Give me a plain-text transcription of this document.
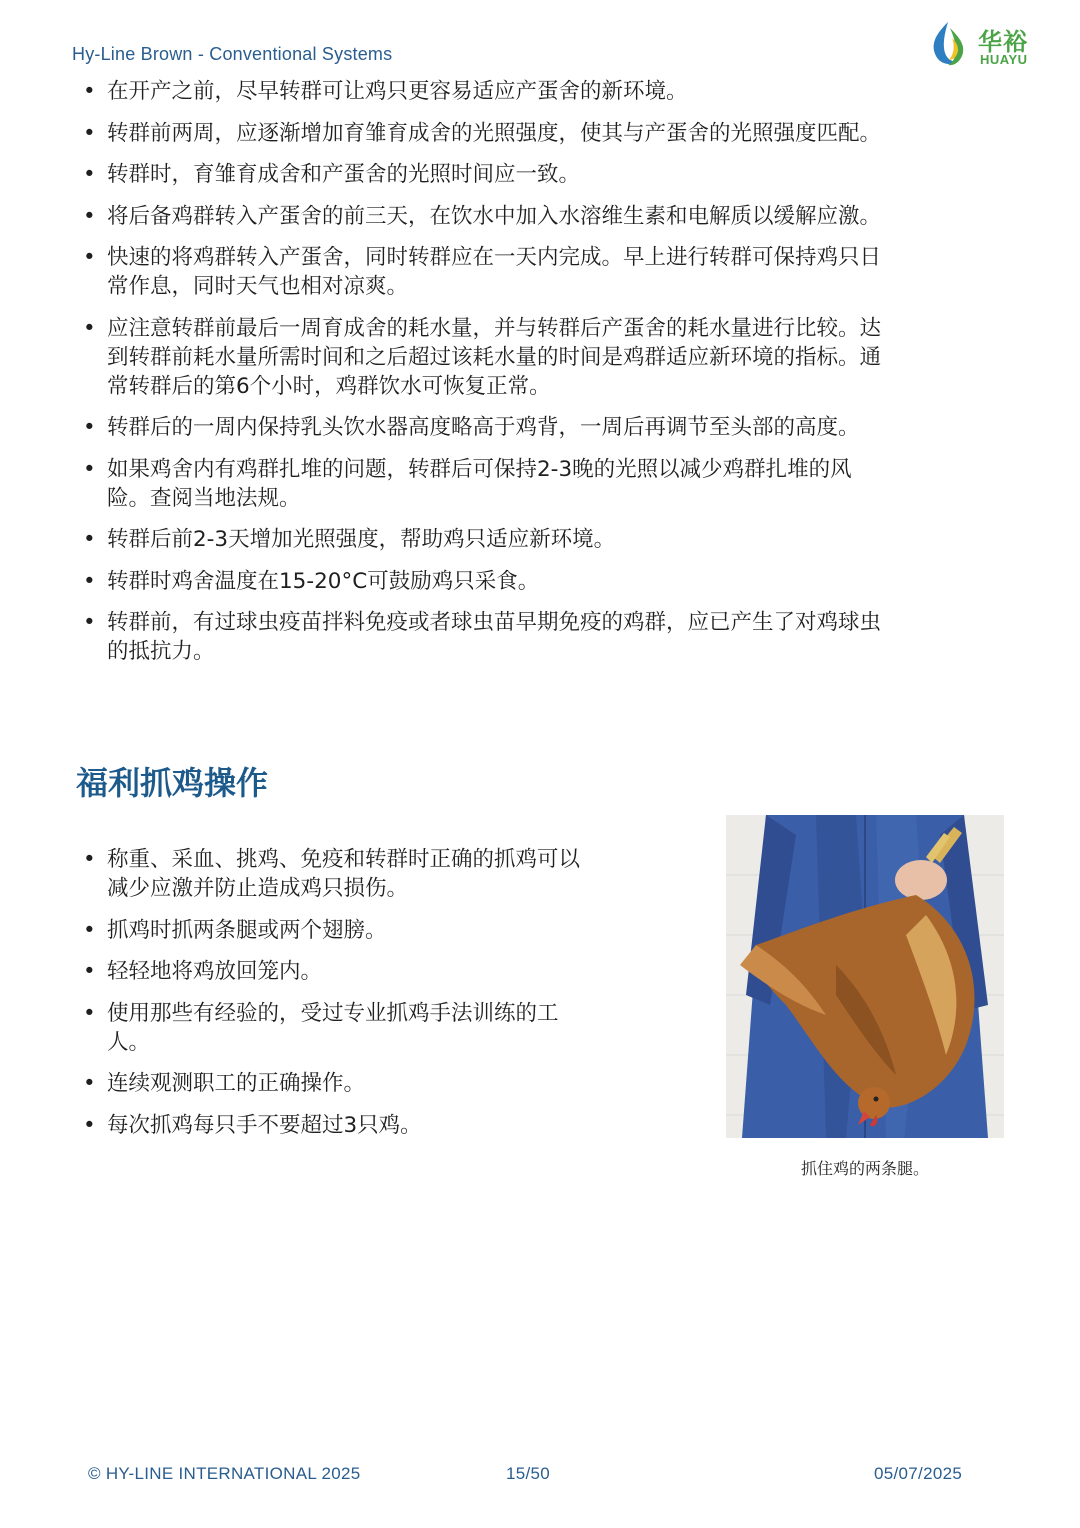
Hy-Line Brown - Conventional Systems	华裕
HUAYU
• 在开产之前，尽早转群可让鸡只更容易适应产蛋舍的新环境。
• 转群前两周，应逐渐增加育雏育成舍的光照强度，使其与产蛋舍的光照强度匹配。
• 转群时，育雏育成舍和产蛋舍的光照时间应一致。
• 将后备鸡群转入产蛋舍的前三天，在饮水中加入水溶维生素和电解质以缓解应激。
• 快速的将鸡群转入产蛋舍，同时转群应在一天内完成。早上进行转群可保持鸡只日
常作息，同时天气也相对凉爽。
• 应注意转群前最后一周育成舍的耗水量，并与转群后产蛋舍的耗水量进行比较。达
到转群前耗水量所需时间和之后超过该耗水量的时间是鸡群适应新环境的指标。通
常转群后的第6个小时，鸡群饮水可恢复正常。
• 转群后的一周内保持乳头饮水器高度略高于鸡背，一周后再调节至头部的高度。
• 如果鸡舍内有鸡群扎堆的问题，转群后可保持2-3晚的光照以减少鸡群扎堆的风
险。查阅当地法规。
• 转群后前2-3天增加光照强度，帮助鸡只适应新环境。
• 转群时鸡舍温度在15-20°C可鼓励鸡只采食。
• 转群前，有过球虫疫苗拌料免疫或者球虫苗早期免疫的鸡群，应已产生了对鸡球虫
的抵抗力。
福利抓鸡操作
• 称重、采血、挑鸡、免疫和转群时正确的抓鸡可以
减少应激并防止造成鸡只损伤。
• 抓鸡时抓两条腿或两个翅膀。
• 轻轻地将鸡放回笼内。
• 使用那些有经验的，受过专业抓鸡手法训练的工
人。
• 连续观测职工的正确操作。
• 每次抓鸡每只手不要超过3只鸡。
抓住鸡的两条腿。
© HY-LINE INTERNATIONAL 2025	15/50	05/07/2025
